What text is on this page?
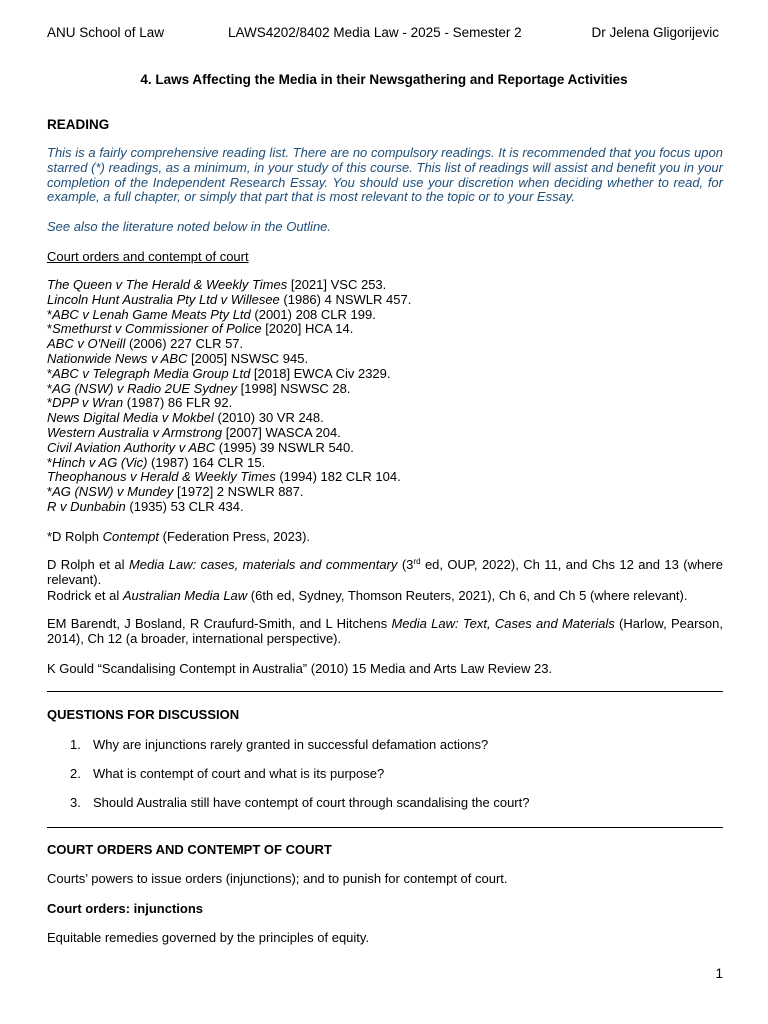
ANU School of Law	LAWS4202/8402 Media Law - 2025 - Semester 2	Dr Jelena Gligorijevic
4. Laws Affecting the Media in their Newsgathering and Reportage Activities
READING
This is a fairly comprehensive reading list. There are no compulsory readings. It is recommended that you focus upon starred (*) readings, as a minimum, in your study of this course. This list of readings will assist and benefit you in your completion of the Independent Research Essay. You should use your discretion when deciding whether to read, for example, a full chapter, or simply that part that is most relevant to the topic or to your Essay.
See also the literature noted below in the Outline.
Court orders and contempt of court
The Queen v The Herald & Weekly Times [2021] VSC 253.
Lincoln Hunt Australia Pty Ltd v Willesee (1986) 4 NSWLR 457.
*ABC v Lenah Game Meats Pty Ltd (2001) 208 CLR 199.
*Smethurst v Commissioner of Police [2020] HCA 14.
ABC v O'Neill (2006) 227 CLR 57.
Nationwide News v ABC [2005] NSWSC 945.
*ABC v Telegraph Media Group Ltd [2018] EWCA Civ 2329.
*AG (NSW) v Radio 2UE Sydney [1998] NSWSC 28.
*DPP v Wran (1987) 86 FLR 92.
News Digital Media v Mokbel (2010) 30 VR 248.
Western Australia v Armstrong [2007] WASCA 204.
Civil Aviation Authority v ABC (1995) 39 NSWLR 540.
*Hinch v AG (Vic) (1987) 164 CLR 15.
Theophanous v Herald & Weekly Times (1994) 182 CLR 104.
*AG (NSW) v Mundey [1972] 2 NSWLR 887.
R v Dunbabin (1935) 53 CLR 434.
*D Rolph Contempt (Federation Press, 2023).
D Rolph et al Media Law: cases, materials and commentary (3rd ed, OUP, 2022), Ch 11, and Chs 12 and 13 (where relevant).
Rodrick et al Australian Media Law (6th ed, Sydney, Thomson Reuters, 2021), Ch 6, and Ch 5 (where relevant).
EM Barendt, J Bosland, R Craufurd-Smith, and L Hitchens Media Law: Text, Cases and Materials (Harlow, Pearson, 2014), Ch 12 (a broader, international perspective).
K Gould “Scandalising Contempt in Australia” (2010) 15 Media and Arts Law Review 23.
QUESTIONS FOR DISCUSSION
1. Why are injunctions rarely granted in successful defamation actions?
2. What is contempt of court and what is its purpose?
3. Should Australia still have contempt of court through scandalising the court?
COURT ORDERS AND CONTEMPT OF COURT
Courts’ powers to issue orders (injunctions); and to punish for contempt of court.
Court orders: injunctions
Equitable remedies governed by the principles of equity.
1
